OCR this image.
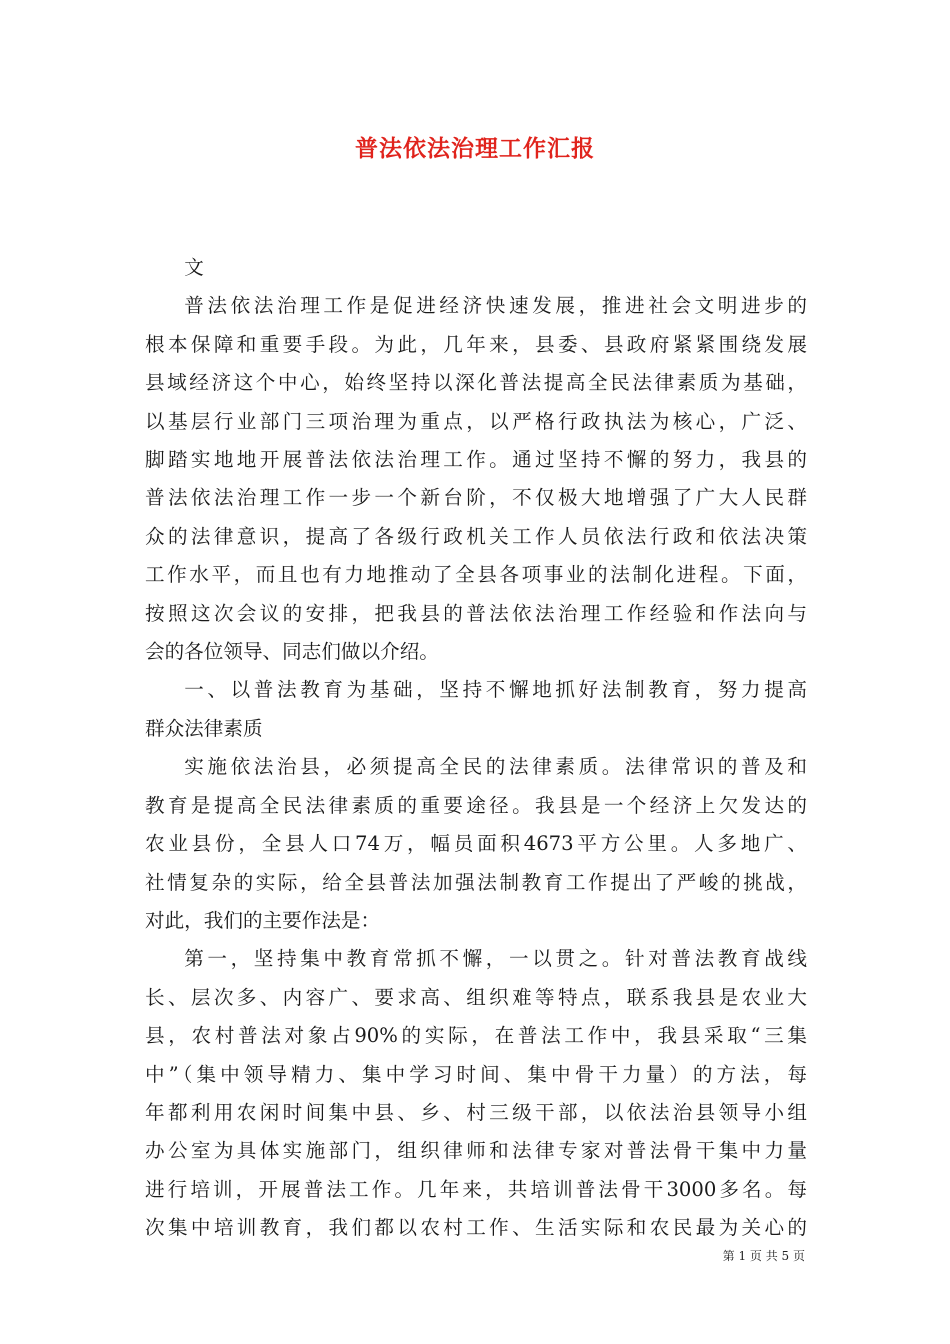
普法依法治理工作汇报
文
普法依法治理工作是促进经济快速发展，推进社会文明进步的
根本保障和重要手段。为此，几年来，县委、县政府紧紧围绕发展
县域经济这个中心，始终坚持以深化普法提高全民法律素质为基础，
以基层行业部门三项治理为重点，以严格行政执法为核心，广泛、
脚踏实地地开展普法依法治理工作。通过坚持不懈的努力，我县的
普法依法治理工作一步一个新台阶，不仅极大地增强了广大人民群
众的法律意识，提高了各级行政机关工作人员依法行政和依法决策
工作水平，而且也有力地推动了全县各项事业的法制化进程。下面，
按照这次会议的安排，把我县的普法依法治理工作经验和作法向与
会的各位领导、同志们做以介绍。
一、以普法教育为基础，坚持不懈地抓好法制教育，努力提高
群众法律素质
实施依法治县，必须提高全民的法律素质。法律常识的普及和
教育是提高全民法律素质的重要途径。我县是一个经济上欠发达的
农业县份，全县人口74万，幅员面积4673平方公里。人多地广、
社情复杂的实际，给全县普法加强法制教育工作提出了严峻的挑战，
对此，我们的主要作法是：
第一，坚持集中教育常抓不懈，一以贯之。针对普法教育战线
长、层次多、内容广、要求高、组织难等特点，联系我县是农业大
县，农村普法对象占90%的实际，在普法工作中，我县采取“三集
中”（集中领导精力、集中学习时间、集中骨干力量）的方法，每
年都利用农闲时间集中县、乡、村三级干部，以依法治县领导小组
办公室为具体实施部门，组织律师和法律专家对普法骨干集中力量
进行培训，开展普法工作。几年来，共培训普法骨干3000多名。每
次集中培训教育，我们都以农村工作、生活实际和农民最为关心的
第 1 页 共 5 页
